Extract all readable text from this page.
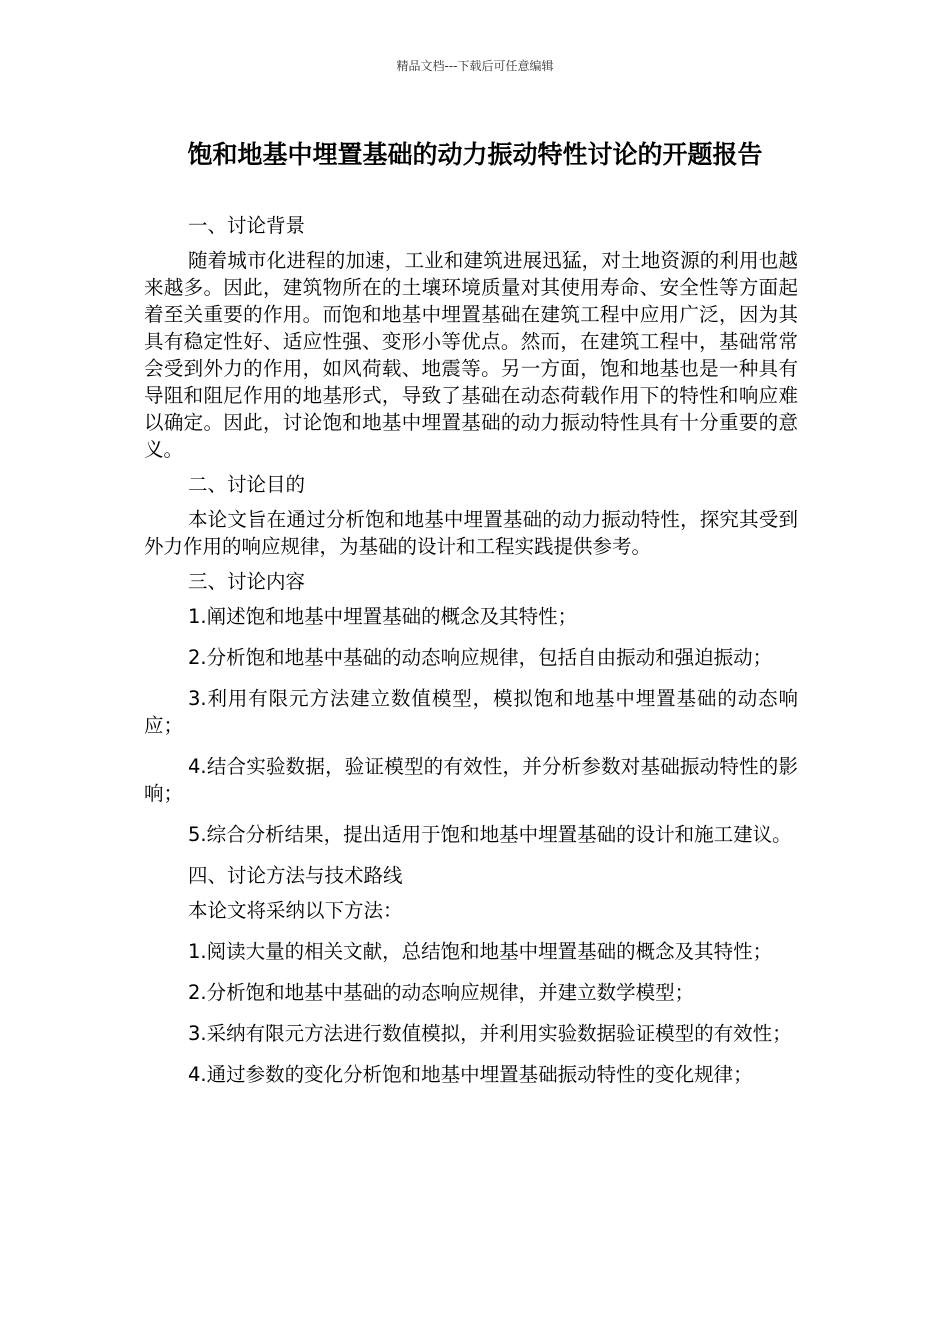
精品文档---下载后可任意编辑
饱和地基中埋置基础的动力振动特性讨论的开题报告

一、讨论背景

随着城市化进程的加速，工业和建筑进展迅猛，对土地资源的利用也越来越多。因此，建筑物所在的土壤环境质量对其使用寿命、安全性等方面起着至关重要的作用。而饱和地基中埋置基础在建筑工程中应用广泛，因为其具有稳定性好、适应性强、变形小等优点。然而，在建筑工程中，基础常常会受到外力的作用，如风荷载、地震等。另一方面，饱和地基也是一种具有导阻和阻尼作用的地基形式，导致了基础在动态荷载作用下的特性和响应难以确定。因此，讨论饱和地基中埋置基础的动力振动特性具有十分重要的意义。

二、讨论目的

本论文旨在通过分析饱和地基中埋置基础的动力振动特性，探究其受到外力作用的响应规律，为基础的设计和工程实践提供参考。

三、讨论内容

1.阐述饱和地基中埋置基础的概念及其特性；

2.分析饱和地基中基础的动态响应规律，包括自由振动和强迫振动；

3.利用有限元方法建立数值模型，模拟饱和地基中埋置基础的动态响应；

4.结合实验数据，验证模型的有效性，并分析参数对基础振动特性的影响；

5.综合分析结果，提出适用于饱和地基中埋置基础的设计和施工建议。

四、讨论方法与技术路线

本论文将采纳以下方法：

1.阅读大量的相关文献，总结饱和地基中埋置基础的概念及其特性；

2.分析饱和地基中基础的动态响应规律，并建立数学模型；

3.采纳有限元方法进行数值模拟，并利用实验数据验证模型的有效性；

4.通过参数的变化分析饱和地基中埋置基础振动特性的变化规律；
